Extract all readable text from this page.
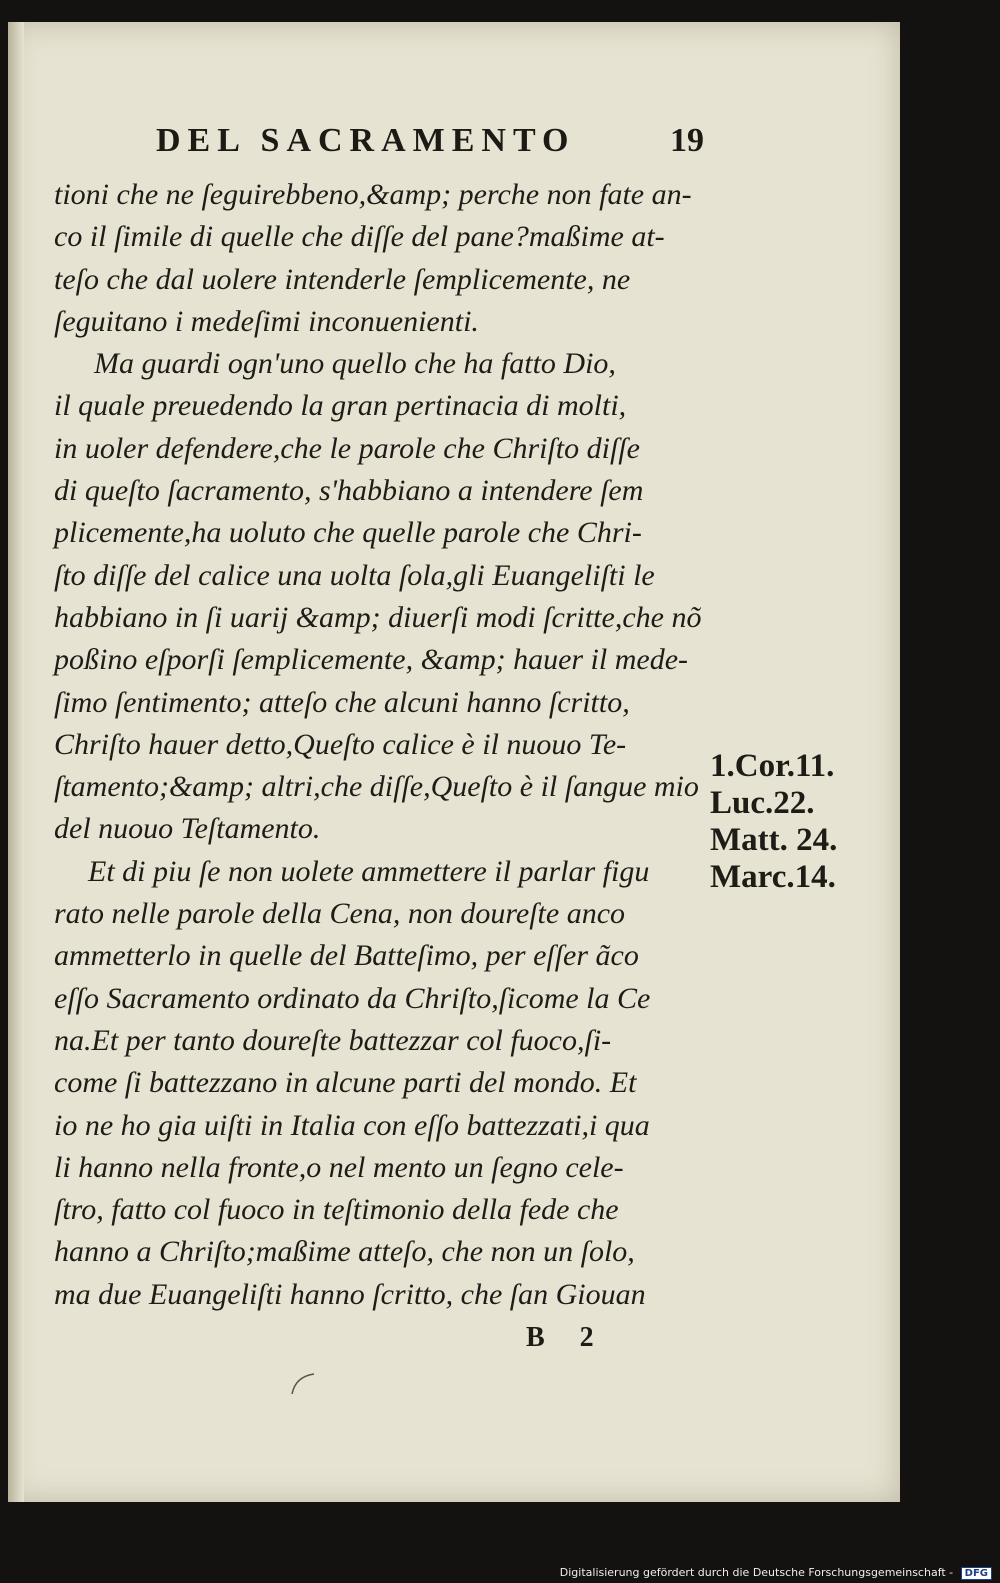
DEL SACRAMENTO	19
tioni che ne ſeguirebbeno,&amp; perche non fate an-
co il ſimile di quelle che diſſe del pane?maßime at-
teſo che dal uolere intenderle ſemplicemente, ne
ſeguitano i medeſimi inconuenienti.
Ma guardi ogn'uno quello che ha fatto Dio,
il quale preuedendo la gran pertinacia di molti,
in uoler defendere,che le parole che Chriſto diſſe
di queſto ſacramento, s'habbiano a intendere ſem
plicemente,ha uoluto che quelle parole che Chri-
ſto diſſe del calice una uolta ſola,gli Euangeliſti le
habbiano in ſi uarij &amp; diuerſi modi ſcritte,che nõ
poßino eſporſi ſemplicemente, &amp; hauer il mede-
ſimo ſentimento; atteſo che alcuni hanno ſcritto,
Chriſto hauer detto,Queſto calice è il nuouo Te-
ſtamento;&amp; altri,che diſſe,Queſto è il ſangue mio
del nuouo Teſtamento.
Et di piu ſe non uolete ammettere il parlar figu
rato nelle parole della Cena, non doureſte anco
ammetterlo in quelle del Batteſimo, per eſſer ãco
eſſo Sacramento ordinato da Chriſto,ſicome la Ce
na.Et per tanto doureſte battezzar col fuoco,ſi-
come ſi battezzano in alcune parti del mondo. Et
io ne ho gia uiſti in Italia con eſſo battezzati,i qua
li hanno nella fronte,o nel mento un ſegno cele-
ſtro, fatto col fuoco in teſtimonio della fede che
hanno a Chriſto;maßime atteſo, che non un ſolo,
ma due Euangeliſti hanno ſcritto, che ſan Giouan
1.Cor.11.
Luc.22.
Matt. 24.
Marc.14.
B 2
Digitalisierung gefördert durch die Deutsche Forschungsgemeinschaft - DFG
